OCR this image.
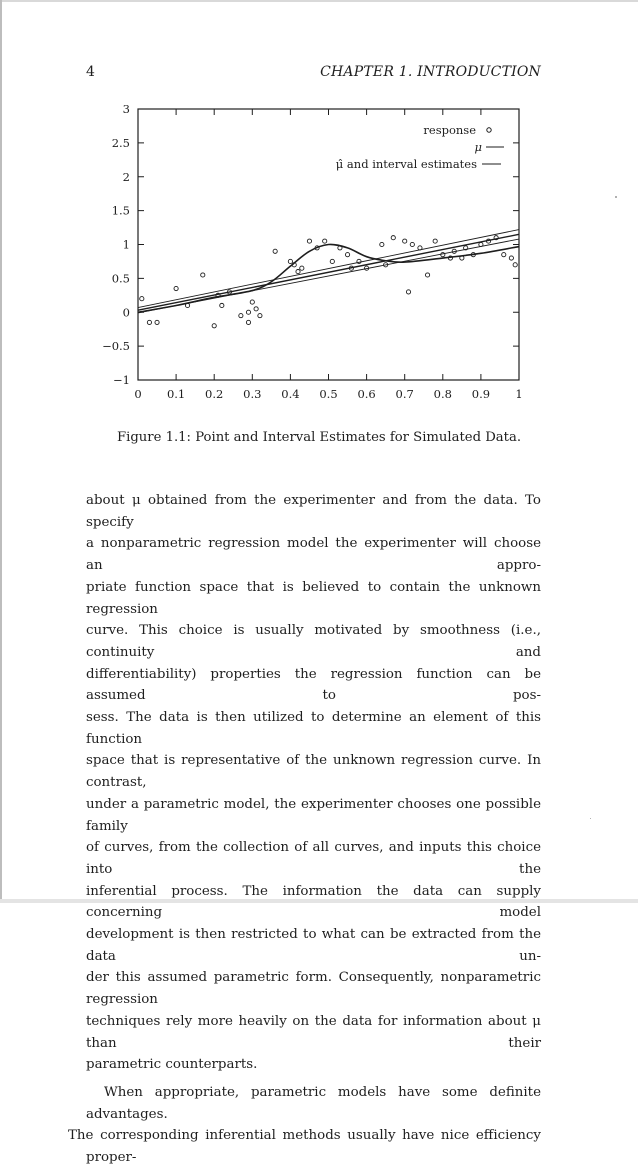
4	CHAPTER 1. INTRODUCTION
0 0.1 0.2 0.3 0.4 0.5 0.6 0.7 0.8 0.9 1
3
2.5
2
1.5
1
0.5
0
−0.5
−1
response
μ
μ̂ and interval estimates
Figure 1.1: Point and Interval Estimates for Simulated Data.

about μ obtained from the experimenter and from the data. To specify
a nonparametric regression model the experimenter will choose an appro-
priate function space that is believed to contain the unknown regression
curve. This choice is usually motivated by smoothness (i.e., continuity and
differentiability) properties the regression function can be assumed to pos-
sess. The data is then utilized to determine an element of this function
space that is representative of the unknown regression curve. In contrast,
under a parametric model, the experimenter chooses one possible family
of curves, from the collection of all curves, and inputs this choice into the
inferential process. The information the data can supply concerning model
development is then restricted to what can be extracted from the data un-
der this assumed parametric form. Consequently, nonparametric regression
techniques rely more heavily on the data for information about μ than their
parametric counterparts.

When appropriate, parametric models have some definite advantages.
The corresponding inferential methods usually have nice efficiency proper-
